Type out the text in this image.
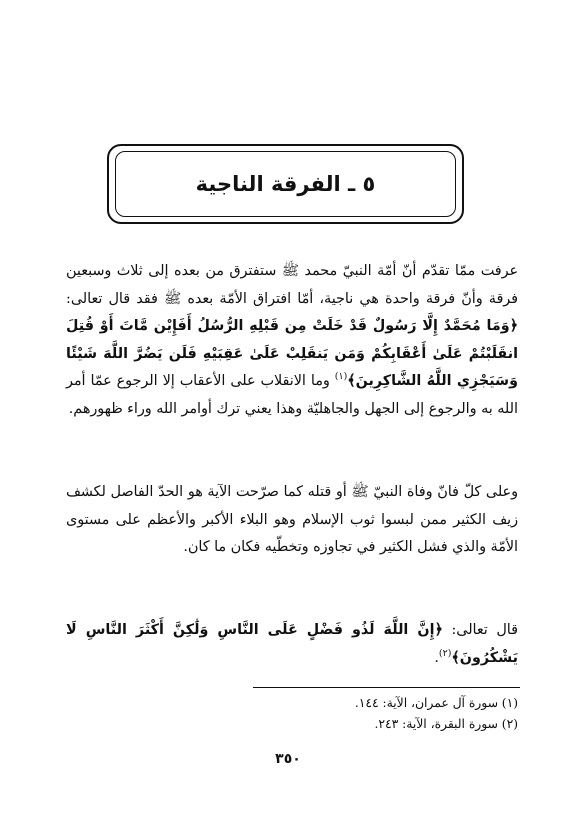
٥ ـ الفرقة الناجية
عرفت ممّا تقدّم أنّ أمّة النبيّ محمد ﷺ ستفترق من بعده إلى ثلاث وسبعين فرقة وأنّ فرقة واحدة هي ناجية، أمّا افتراق الأمّة بعده ﷺ فقد قال تعالى: ﴿وَمَا مُحَمَّدٌ إِلَّا رَسُولٌ قَدْ خَلَتْ مِن قَبْلِهِ الرُّسُلُ أَفَإِيْن مَّاتَ أَوْ قُتِلَ انقَلَبْتُمْ عَلَىٰ أَعْقَابِكُمْ وَمَن يَنقَلِبْ عَلَىٰ عَقِبَيْهِ فَلَن يَضُرَّ اللَّهَ شَيْئًا وَسَيَجْزِي اللَّهُ الشَّاكِرِينَ﴾$^{(١)}$ وما الانقلاب على الأعقاب إلا الرجوع عمّا أمر الله به والرجوع إلى الجهل والجاهليّة وهذا يعني ترك أوامر الله وراء ظهورهم.
وعلى كلّ فانّ وفاة النبيّ ﷺ أو قتله كما صرّحت الآية هو الحدّ الفاصل لكشف زيف الكثير ممن لبسوا ثوب الإسلام وهو البلاء الأكبر والأعظم على مستوى الأمّة والذي فشل الكثير في تجاوزه وتخطّيه فكان ما كان.
قال تعالى: ﴿إِنَّ اللَّهَ لَذُو فَضْلٍ عَلَى النَّاسِ وَلَٰكِنَّ أَكْثَرَ النَّاسِ لَا يَشْكُرُونَ﴾$^{(٢)}$.
(١) سورة آل عمران، الآية: ١٤٤.
(٢) سورة البقرة، الآية: ٢٤٣.
٣٥٠
